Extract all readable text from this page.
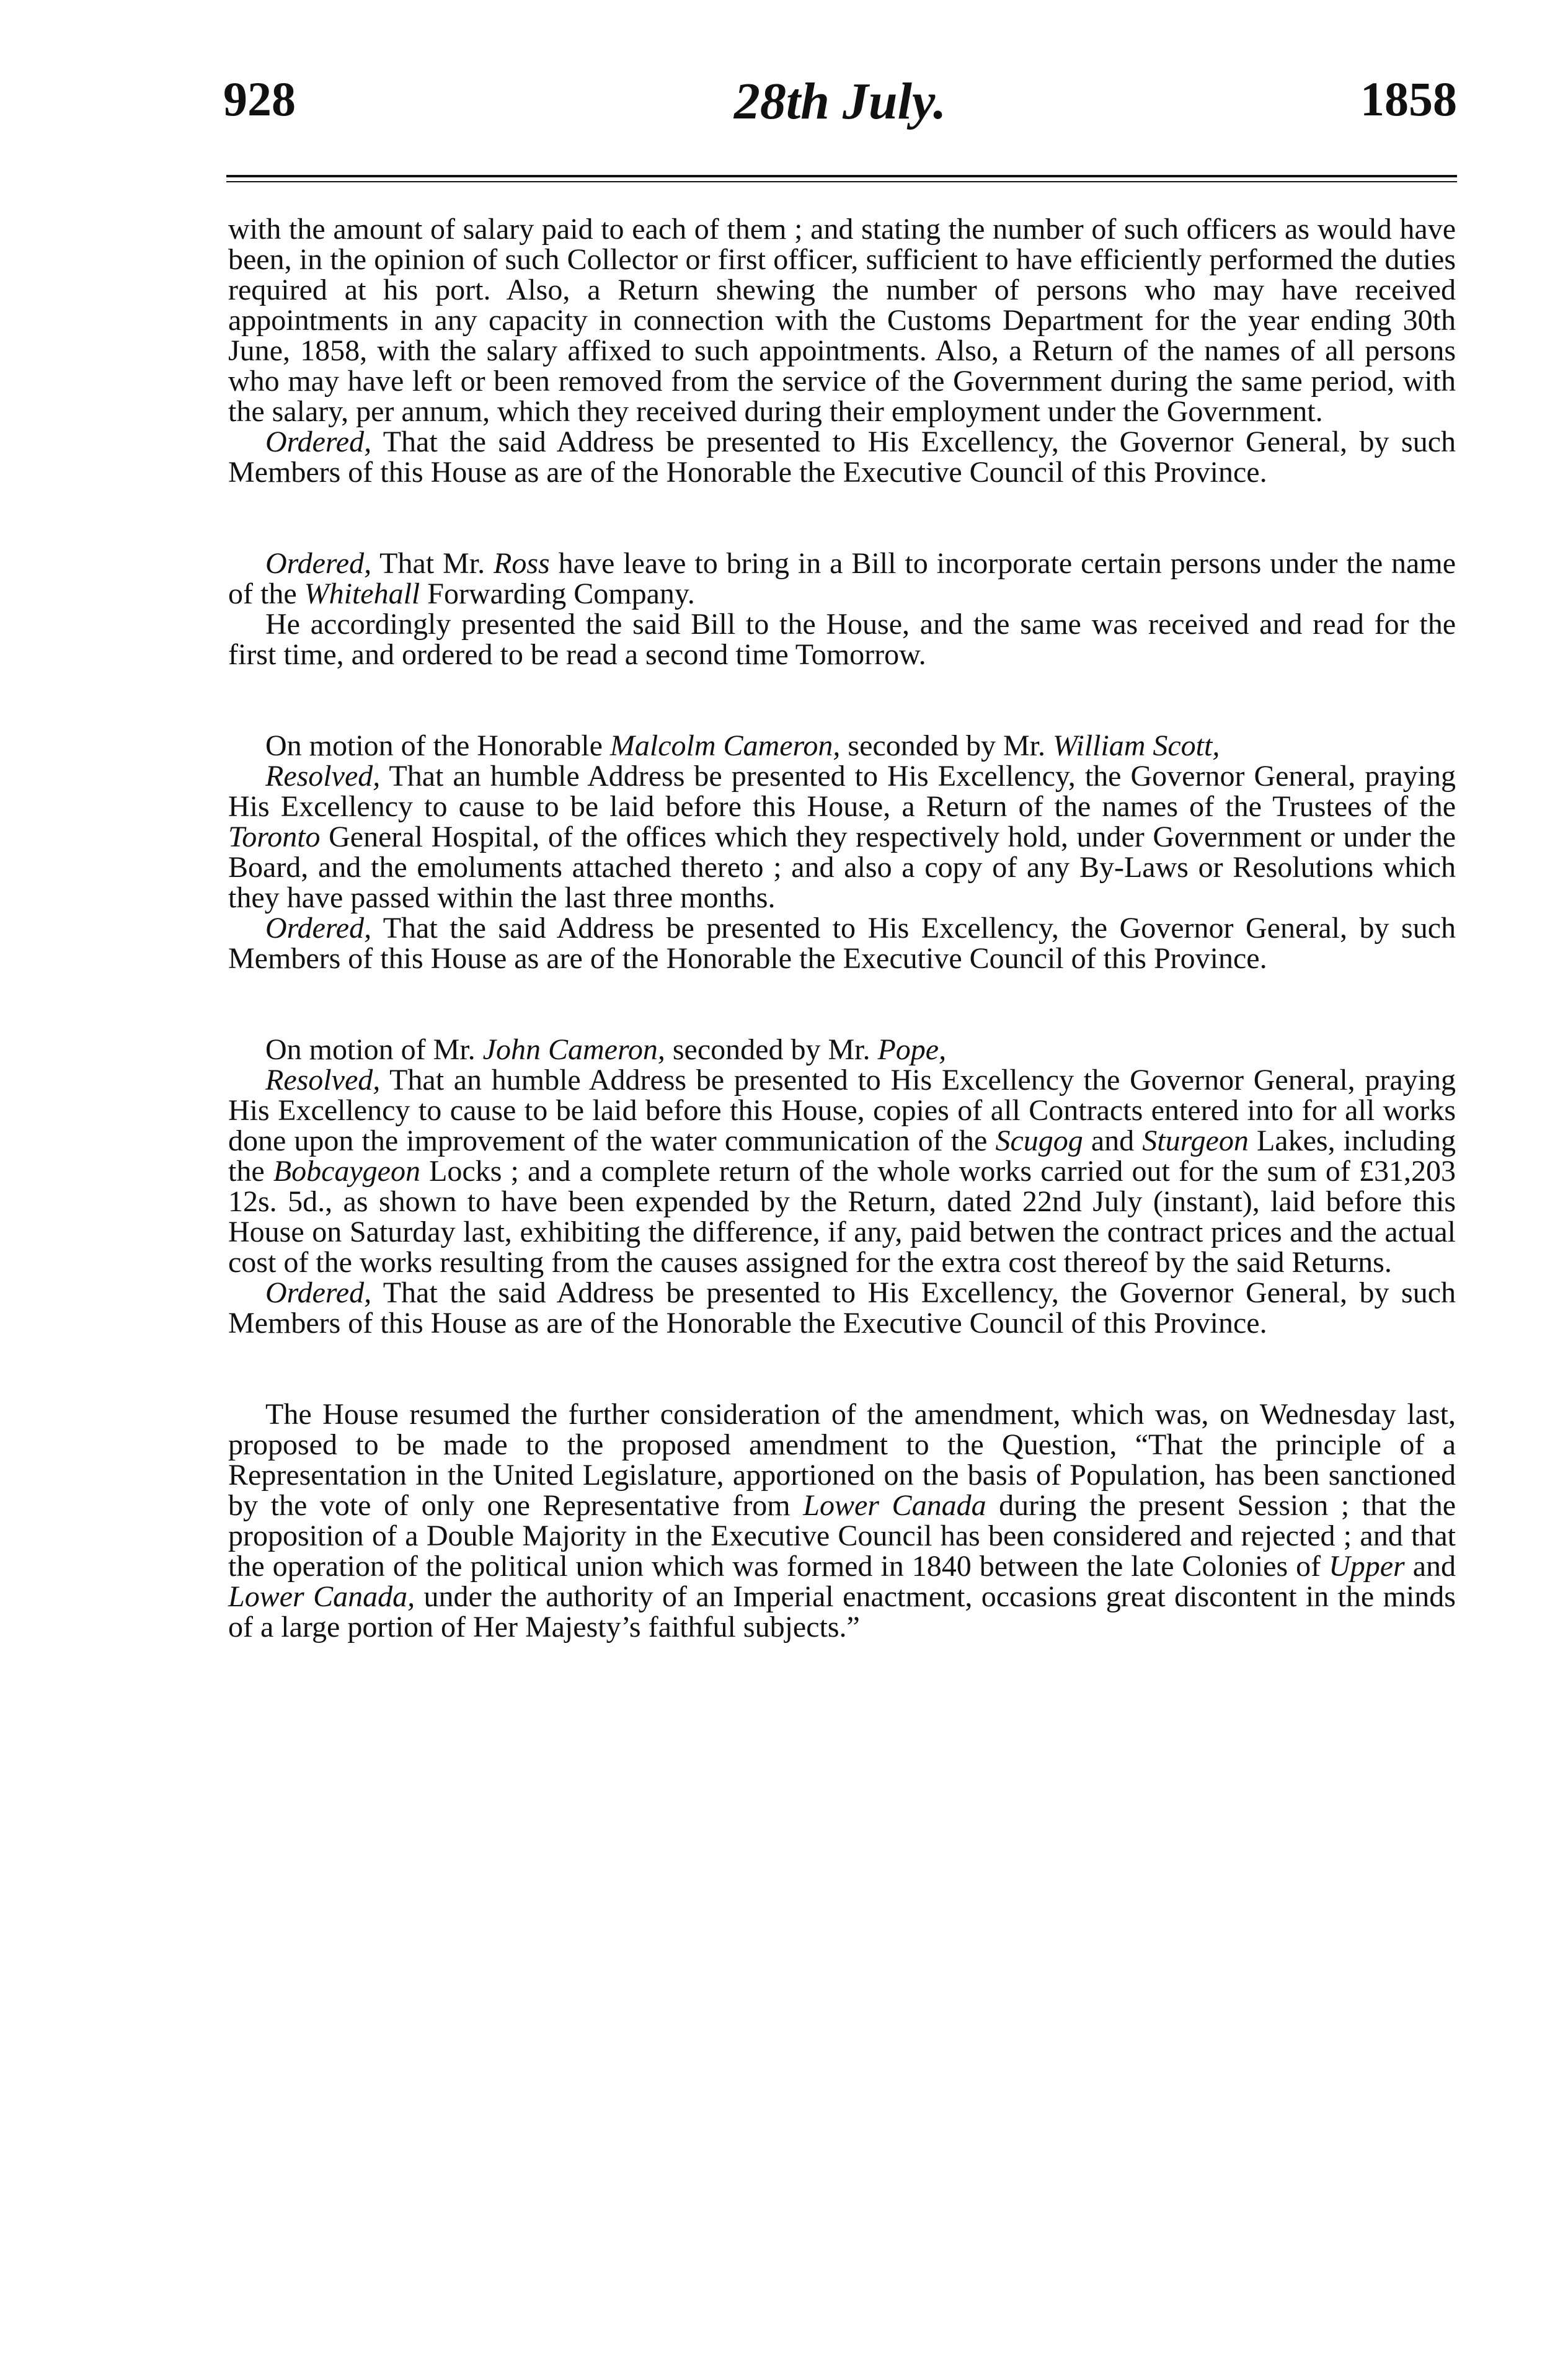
928	28th July.	1858

with the amount of salary paid to each of them ; and stating the number of such officers as would have been, in the opinion of such Collector or first officer, sufficient to have efficiently performed the duties required at his port. Also, a Return shewing the number of persons who may have received appointments in any capacity in connection with the Customs Department for the year ending 30th June, 1858, with the salary affixed to such appointments. Also, a Return of the names of all persons who may have left or been removed from the service of the Government during the same period, with the salary, per annum, which they received during their employment under the Government.

Ordered, That the said Address be presented to His Excellency, the Governor General, by such Members of this House as are of the Honorable the Executive Council of this Province.

Ordered, That Mr. Ross have leave to bring in a Bill to incorporate certain persons under the name of the Whitehall Forwarding Company.

He accordingly presented the said Bill to the House, and the same was received and read for the first time, and ordered to be read a second time Tomorrow.

On motion of the Honorable Malcolm Cameron, seconded by Mr. William Scott,

Resolved, That an humble Address be presented to His Excellency, the Governor General, praying His Excellency to cause to be laid before this House, a Return of the names of the Trustees of the Toronto General Hospital, of the offices which they respectively hold, under Government or under the Board, and the emoluments attached thereto ; and also a copy of any By-Laws or Resolutions which they have passed within the last three months.

Ordered, That the said Address be presented to His Excellency, the Governor General, by such Members of this House as are of the Honorable the Executive Council of this Province.

On motion of Mr. John Cameron, seconded by Mr. Pope,

Resolved, That an humble Address be presented to His Excellency the Governor General, praying His Excellency to cause to be laid before this House, copies of all Contracts entered into for all works done upon the improvement of the water communication of the Scugog and Sturgeon Lakes, including the Bobcaygeon Locks ; and a complete return of the whole works carried out for the sum of £31,203 12s. 5d., as shown to have been expended by the Return, dated 22nd July (instant), laid before this House on Saturday last, exhibiting the difference, if any, paid betwen the contract prices and the actual cost of the works resulting from the causes assigned for the extra cost thereof by the said Returns.

Ordered, That the said Address be presented to His Excellency, the Governor General, by such Members of this House as are of the Honorable the Executive Council of this Province.

The House resumed the further consideration of the amendment, which was, on Wednesday last, proposed to be made to the proposed amendment to the Question, “That the principle of a Representation in the United Legislature, apportioned on the basis of Population, has been sanctioned by the vote of only one Representative from Lower Canada during the present Session ; that the proposition of a Double Majority in the Executive Council has been considered and rejected ; and that the operation of the political union which was formed in 1840 between the late Colonies of Upper and Lower Canada, under the authority of an Imperial enactment, occasions great discontent in the minds of a large portion of Her Majesty’s faithful subjects.”
